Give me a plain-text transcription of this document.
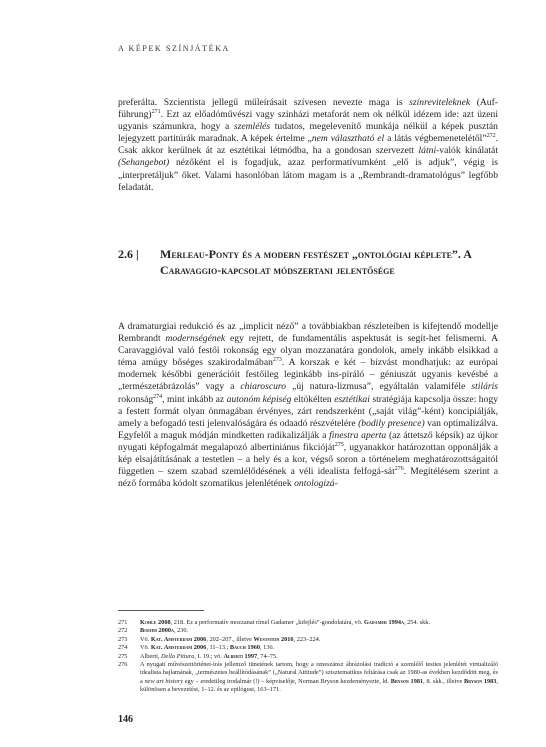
A KÉPEK SZÍNJÁTÉKA

preferálta. Szcientista jellegű műleírásait szívesen nevezte maga is színreviteleknek (Auf-führung)$^{271}$. Ezt az előadóművészi vagy színházi metaforát nem ok nélkül idézem ide: azt üzeni ugyanis számunkra, hogy a szemlélés tudatos, megelevenítő munkája nélkül a képek pusztán lejegyzett partitúrák maradnak. A képek értelme „nem választható el a látás végbemenetelétől”$^{272}$. Csak akkor kerülnek át az esztétikai létmódba, ha a gondosan szervezett látni-valók kínálatát (Sehangebot) nézőként el is fogadjuk, azaz performatívumként „elő is adjuk”, végig is „interpretáljuk” őket. Valami hasonlóban látom magam is a „Rembrandt-dramatológus” legfőbb feladatát.

2.6 |	Merleau-Ponty és a modern festészet „ontológiai képlete”. A Caravaggio-kapcsolat módszertani jelentősége

A dramaturgiai redukció és az „implicit néző” a továbbiakban részleteiben is kifejtendő modellje Rembrandt modernségének egy rejtett, de fundamentális aspektusát is segít-het felismerni. A Caravaggióval való festői rokonság egy olyan mozzanatára gondolok, amely inkább elsikkad a téma amúgy bőséges szakirodalmában$^{273}$. A korszak e két – bízvást mondhatjuk: az európai modernek későbbi generációit festőileg leginkább ins-piráló – géniuszát ugyanis kevésbé a „természetábrázolás” vagy a chiaroscuro „új natura-lizmusa”, egyáltalán valamiféle stiláris rokonság$^{274}$, mint inkább az autonóm képiség eltökélten esztétikai stratégiája kapcsolja össze: hogy a festett formát olyan önmagában érvényes, zárt rendszerként („saját világ”-ként) koncipiálják, amely a befogadó testi jelenvalóságára és odaadó részvételére (bodily presence) van optimalizálva. Egyfelől a maguk módján mindketten radikalizálják a finestra aperta (az áttetsző képsík) az újkor nyugati képfogalmát megalapozó albertiniánus fikcióját$^{275}$, ugyanakkor határozottan opponálják a kép elsajátításának a testetlen – a hely és a kor, végső soron a történelem meghatározottságaitól független – szem szabad szemlélődésének a véli idealista felfogá-sát$^{276}$. Megítélésem szerint a néző formába kódolt szomatikus jelenlétének ontologizá-

271	Kohle 2008, 218. Ez a performatív mozzanat rímel Gadamer „kifejlés”-gondolatára, vö. Gadamer 1994a, 254. skk.
272	Boehm 2000a, 230.
273	Vö. Kat. Amsterdam 2006, 202–207., illetve Weststein 2016, 223–224.
274	Vö. Kat. Amsterdam 2006, 11–13.; Bauch 1960, 136.
275	Alberti, Della Pittura, I. 19.; vö. Alberti 1997, 74–75.
276	A nyugati művészettörténet-írás jellemző tünetének tartom, hogy a reneszánsz ábrázolási tradíció a szemlélő testies jelenlétét virtualizáló idealista hajlamának, „természetes beállítódásának” („Natural Attitude”) szisztematikus feltárása csak az 1980-as években kezdődött meg, és a new art history egy – eredetileg irodalmár (!) – képviselője, Norman Bryson kezdeményezte, ld. Bryson 1981, 8. skk., illetve Bryson 1983, különösen a bevezetést, 1–12. és az epilógust, 163–171.
146
